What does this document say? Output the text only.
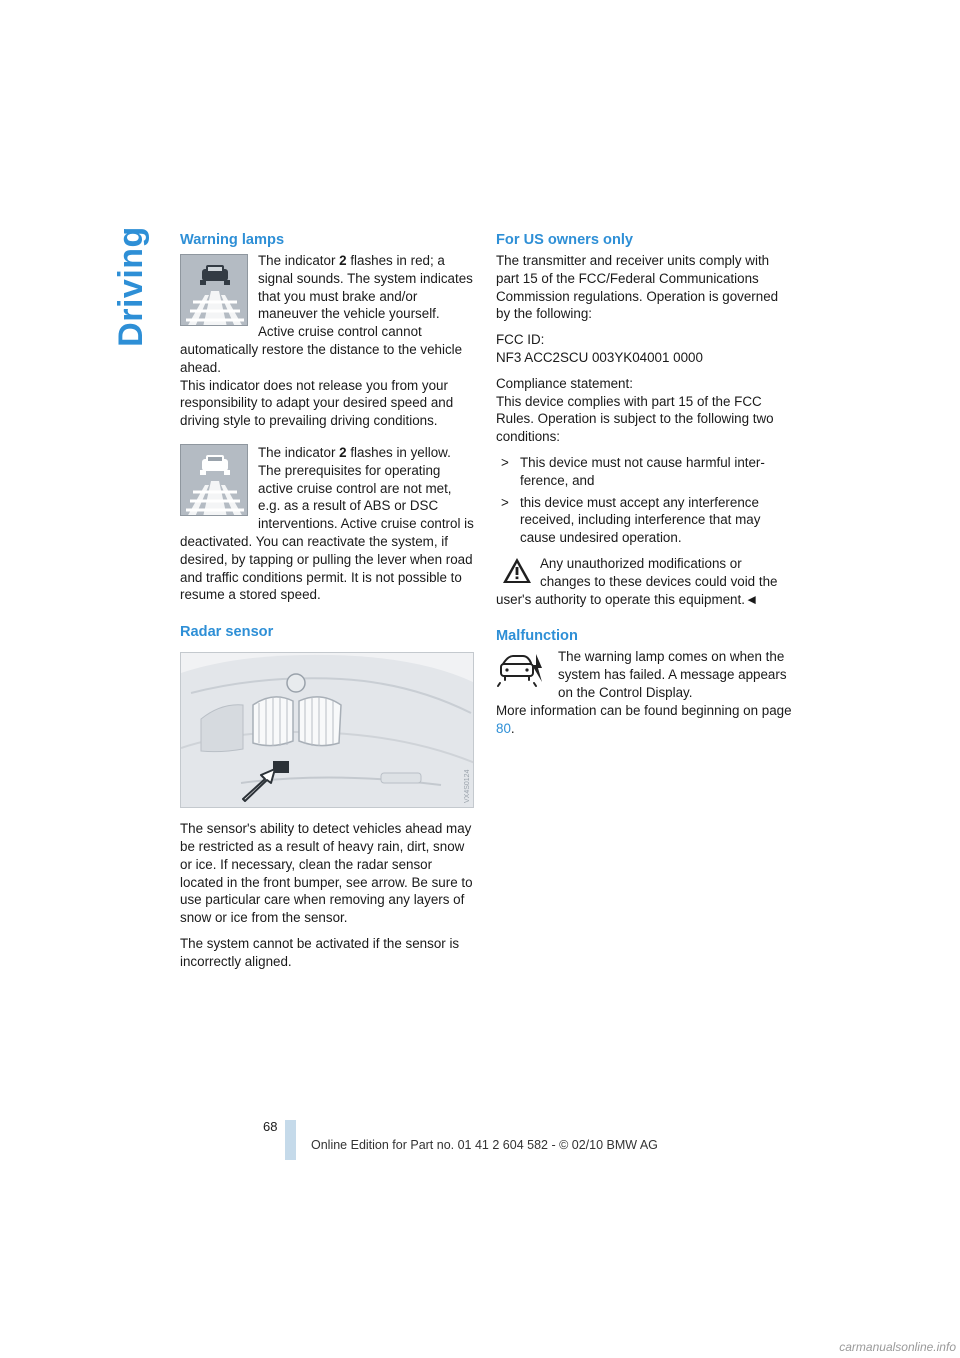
Driving Warning lamps

The indicator 2 flashes in red; a signal sounds. The system indicates that you must brake and/or maneuver the vehicle yourself. Active cruise control cannot automatically restore the distance to the vehicle ahead.

This indicator does not release you from your responsibility to adapt your desired speed and driving style to prevailing driving conditions.

The indicator 2 flashes in yellow. The prerequisites for operating active cruise control are not met, e.g. as a result of ABS or DSC interventions. Active cruise control is deactivated. You can reactivate the system, if desired, by tapping or pulling the lever when road and traffic conditions permit. It is not possible to resume a stored speed.

Radar sensor
VX4S0124

The sensor's ability to detect vehicles ahead may be restricted as a result of heavy rain, dirt, snow or ice. If necessary, clean the radar sensor located in the front bumper, see arrow. Be sure to use particular care when removing any layers of snow or ice from the sensor.

The system cannot be activated if the sensor is incorrectly aligned.

For US owners only

The transmitter and receiver units comply with part 15 of the FCC/Federal Communications Commission regulations. Operation is governed by the following:

FCC ID:

NF3 ACC2SCU 003YK04001 0000

Compliance statement:

This device complies with part 15 of the FCC Rules. Operation is subject to the following two conditions:

> This device must not cause harmful interference, and
> this device must accept any interference received, including interference that may cause undesired operation.

Any unauthorized modifications or changes to these devices could void the user's authority to operate this equipment.◄

Malfunction

The warning lamp comes on when the system has failed. A message appears on the Control Display.

More information can be found beginning on page 80.

68
Online Edition for Part no. 01 41 2 604 582 - © 02/10 BMW AG
carmanualsonline.info
